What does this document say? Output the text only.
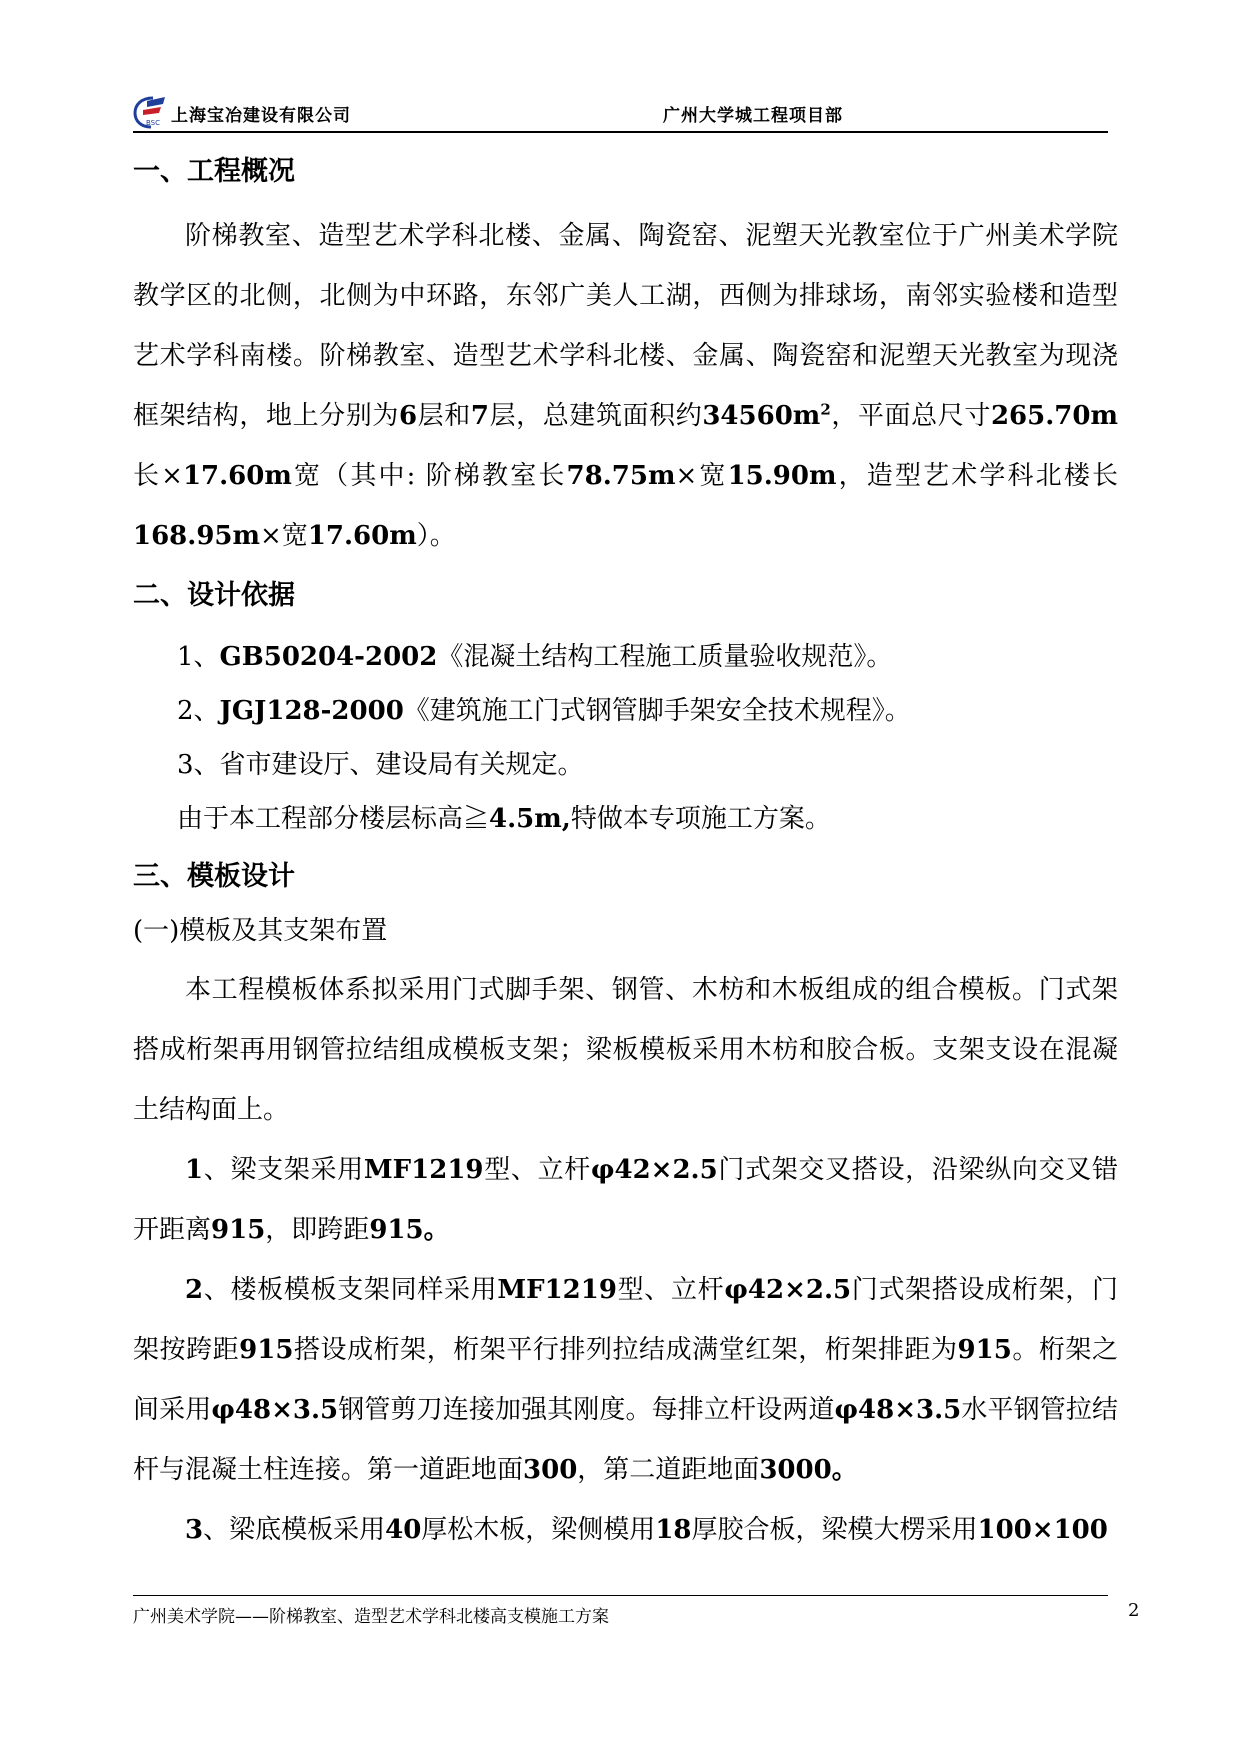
BSC 上海宝冶建设有限公司	广州大学城工程项目部
一、工程概况

阶梯教室、造型艺术学科北楼、金属、陶瓷窑、泥塑天光教室位于广州美术学院教学区的北侧，北侧为中环路，东邻广美人工湖，西侧为排球场，南邻实验楼和造型艺术学科南楼。阶梯教室、造型艺术学科北楼、金属、陶瓷窑和泥塑天光教室为现浇框架结构，地上分别为6层和7层，总建筑面积约$34560m^2$，平面总尺寸265.70m长×17.60m宽（其中: 阶梯教室长78.75m×宽15.90m，造型艺术学科北楼长168.95m×宽17.60m）。

二、设计依据

1、GB50204-2002《混凝土结构工程施工质量验收规范》。

2、JGJ128-2000《建筑施工门式钢管脚手架安全技术规程》。

3、省市建设厅、建设局有关规定。

由于本工程部分楼层标高≧4.5m,特做本专项施工方案。

三、模板设计

(一)模板及其支架布置

本工程模板体系拟采用门式脚手架、钢管、木枋和木板组成的组合模板。门式架搭成桁架再用钢管拉结组成模板支架；梁板模板采用木枋和胶合板。支架支设在混凝土结构面上。

1、梁支架采用MF1219型、立杆φ42×2.5门式架交叉搭设，沿梁纵向交叉错开距离915，即跨距915。

2、楼板模板支架同样采用MF1219型、立杆φ42×2.5门式架搭设成桁架，门架按跨距915搭设成桁架，桁架平行排列拉结成满堂红架，桁架排距为915。桁架之间采用φ48×3.5钢管剪刀连接加强其刚度。每排立杆设两道φ48×3.5水平钢管拉结杆与混凝土柱连接。第一道距地面300，第二道距地面3000。

3、梁底模板采用40厚松木板，梁侧模用18厚胶合板，梁模大楞采用100×100

广州美术学院——阶梯教室、造型艺术学科北楼高支模施工方案	2
